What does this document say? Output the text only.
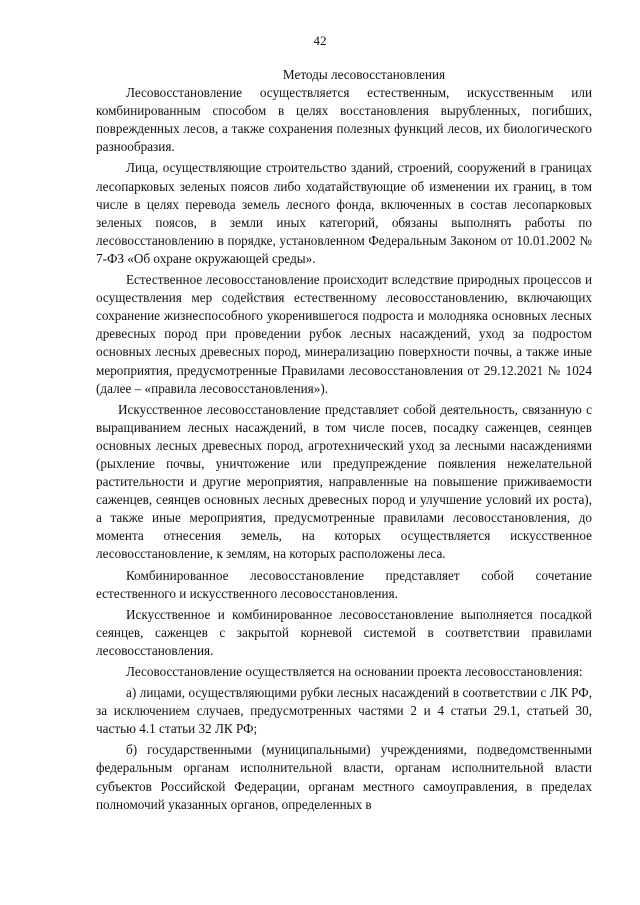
42
Методы лесовосстановления

Лесовосстановление осуществляется естественным, искусственным или комбинированным способом в целях восстановления вырубленных, погибших, поврежденных лесов, а также сохранения полезных функций лесов, их биологического разнообразия.

Лица, осуществляющие строительство зданий, строений, сооружений в границах лесопарковых зеленых поясов либо ходатайствующие об изменении их границ, в том числе в целях перевода земель лесного фонда, включенных в состав лесопарковых зеленых поясов, в земли иных категорий, обязаны выполнять работы по лесовосстановлению в порядке, установленном Федеральным Законом от 10.01.2002 № 7-ФЗ «Об охране окружающей среды».

Естественное лесовосстановление происходит вследствие природных процессов и осуществления мер содействия естественному лесовосстановлению, включающих сохранение жизнеспособного укоренившегося подроста и молодняка основных лесных древесных пород при проведении рубок лесных насаждений, уход за подростом основных лесных древесных пород, минерализацию поверхности почвы, а также иные мероприятия, предусмотренные Правилами лесовосстановления от 29.12.2021 № 1024 (далее – «правила лесовосстановления»).

Искусственное лесовосстановление представляет собой деятельность, связанную с выращиванием лесных насаждений, в том числе посев, посадку саженцев, сеянцев основных лесных древесных пород, агротехнический уход за лесными насаждениями (рыхление почвы, уничтожение или предупреждение появления нежелательной растительности и другие мероприятия, направленные на повышение приживаемости саженцев, сеянцев основных лесных древесных пород и улучшение условий их роста), а также иные мероприятия, предусмотренные правилами лесовосстановления, до момента отнесения земель, на которых осуществляется искусственное лесовосстановление, к землям, на которых расположены леса.

Комбинированное лесовосстановление представляет собой сочетание естественного и искусственного лесовосстановления.

Искусственное и комбинированное лесовосстановление выполняется посадкой сеянцев, саженцев с закрытой корневой системой в соответствии правилами лесовосстановления.

Лесовосстановление осуществляется на основании проекта лесовосстановления:

а) лицами, осуществляющими рубки лесных насаждений в соответствии с ЛК РФ, за исключением случаев, предусмотренных частями 2 и 4 статьи 29.1, статьей 30, частью 4.1 статьи 32 ЛК РФ;

б) государственными (муниципальными) учреждениями, подведомственными федеральным органам исполнительной власти, органам исполнительной власти субъектов Российской Федерации, органам местного самоуправления, в пределах полномочий указанных органов, определенных в
